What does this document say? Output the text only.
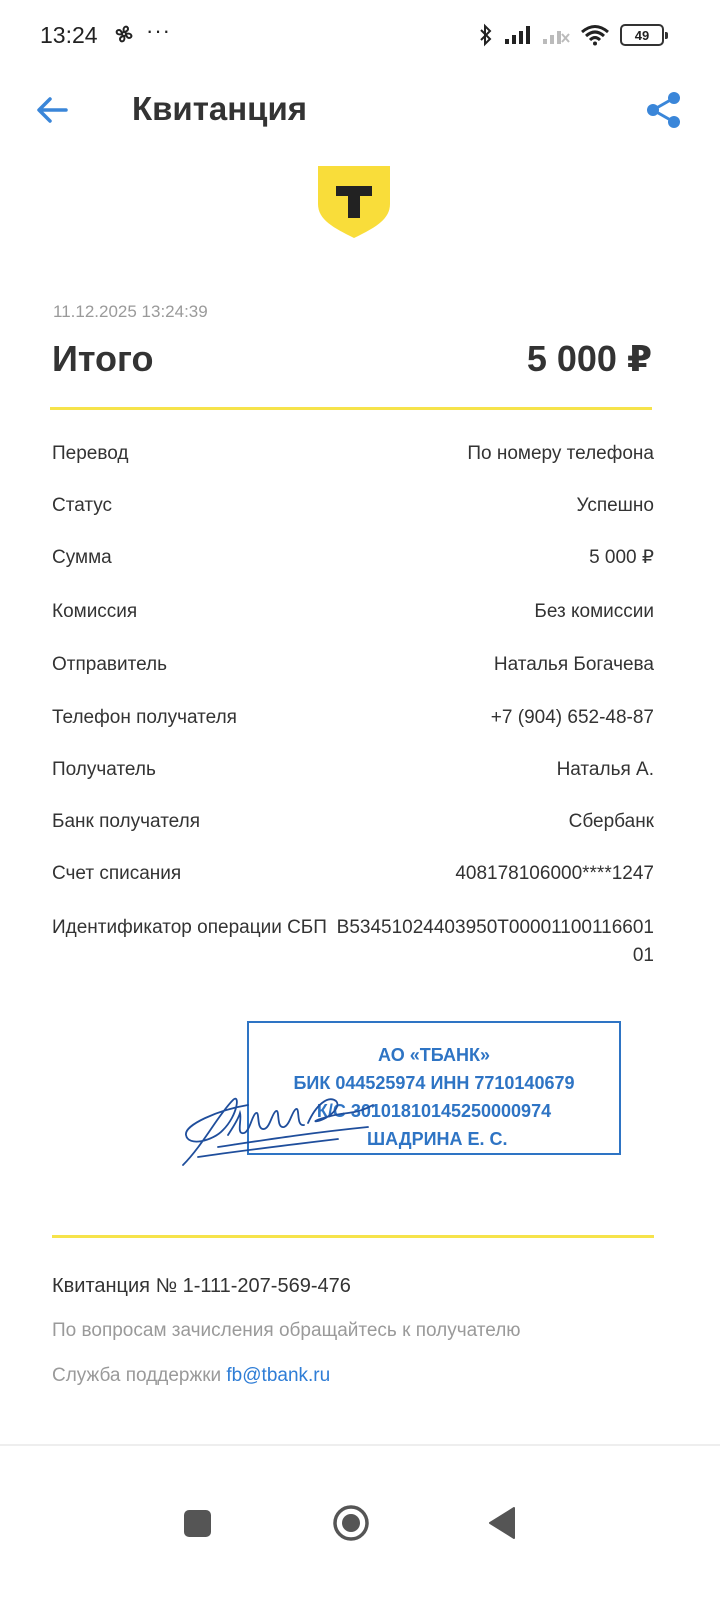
13:24 ···	49
Квитанция
11.12.2025 13:24:39
Итого	5 000 ₽
Перевод	По номеру телефона
Статус	Успешно
Сумма	5 000 ₽
Комиссия	Без комиссии
Отправитель	Наталья Богачева
Телефон получателя	+7 (904) 652-48-87
Получатель	Наталья А.
Банк получателя	Сбербанк
Счет списания	408178106000****1247
Идентификатор операции СБП B53451024403950T0000110011660101
АО «ТБАНК»
БИК 044525974 ИНН 7710140679
К/С 30101810145250000974
ШАДРИНА Е. С.
Квитанция № 1-111-207-569-476
По вопросам зачисления обращайтесь к получателю
Служба поддержки fb@tbank.ru
